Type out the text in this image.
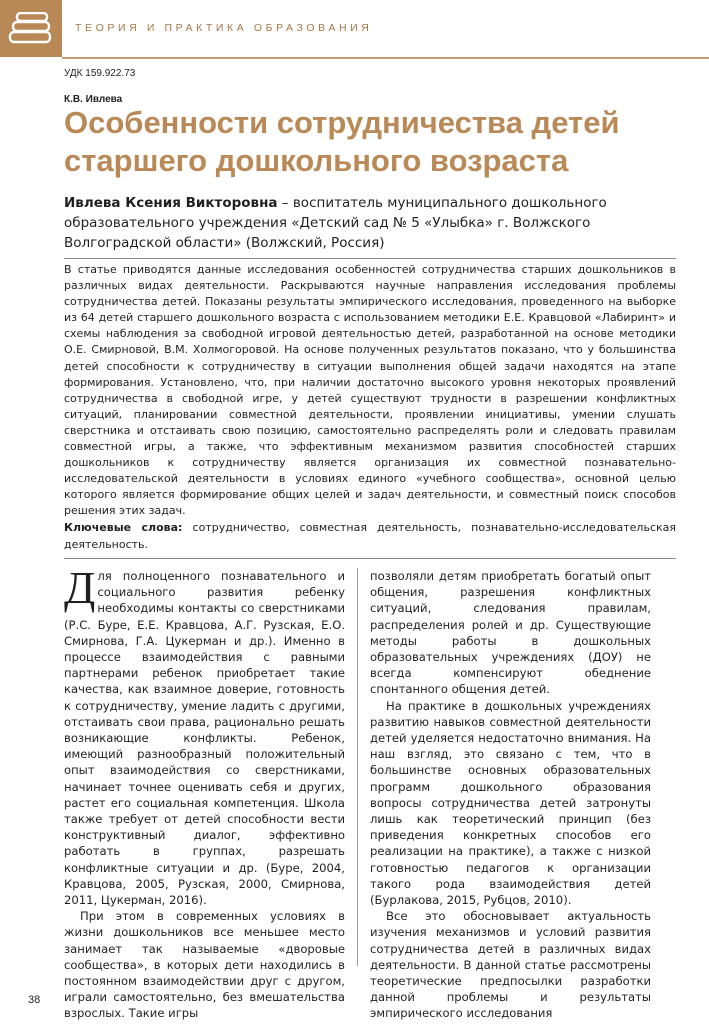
ТЕОРИЯ И ПРАКТИКА ОБРАЗОВАНИЯ
УДК 159.922.73
К.В. Ивлева
Особенности сотрудничества детей старшего дошкольного возраста
Ивлева Ксения Викторовна – воспитатель муниципального дошкольного образовательного учреждения «Детский сад № 5 «Улыбка» г. Волжского Волгоградской области» (Волжский, Россия)
В статье приводятся данные исследования особенностей сотрудничества старших дошкольников в различных видах деятельности. Раскрываются научные направления исследования проблемы сотрудничества детей. Показаны результаты эмпирического исследования, проведенного на выборке из 64 детей старшего дошкольного возраста с использованием методики Е.Е. Кравцовой «Лабиринт» и схемы наблюдения за свободной игровой деятельностью детей, разработанной на основе методики О.Е. Смирновой, В.М. Холмогоровой. На основе полученных результатов показано, что у большинства детей способности к сотрудничеству в ситуации выполнения общей задачи находятся на этапе формирования. Установлено, что, при наличии достаточно высокого уровня некоторых проявлений сотрудничества в свободной игре, у детей существуют трудности в разрешении конфликтных ситуаций, планировании совместной деятельности, проявлении инициативы, умении слушать сверстника и отстаивать свою позицию, самостоятельно распределять роли и следовать правилам совместной игры, а также, что эффективным механизмом развития способностей старших дошкольников к сотрудничеству является организация их совместной познавательно-исследовательской деятельности в условиях единого «учебного сообщества», основной целью которого является формирование общих целей и задач деятельности, и совместный поиск способов решения этих задач.
Ключевые слова: сотрудничество, совместная деятельность, познавательно-исследовательская деятельность.

Для полноценного познавательного и социального развития ребенку необходимы контакты со сверстниками (Р.С. Буре, Е.Е. Кравцова, А.Г. Рузская, Е.О. Смирнова, Г.А. Цукерман и др.). Именно в процессе взаимодействия с равными партнерами ребенок приобретает такие качества, как взаимное доверие, готовность к сотрудничеству, умение ладить с другими, отстаивать свои права, рационально решать возникающие конфликты. Ребенок, имеющий разнообразный положительный опыт взаимодействия со сверстниками, начинает точнее оценивать себя и других, растет его социальная компетенция. Школа также требует от детей способности вести конструктивный диалог, эффективно работать в группах, разрешать конфликтные ситуации и др. (Буре, 2004, Кравцова, 2005, Рузская, 2000, Смирнова, 2011, Цукерман, 2016).

При этом в современных условиях в жизни дошкольников все меньшее место занимает так называемые «дворовые сообщества», в которых дети находились в постоянном взаимодействии друг с другом, играли самостоятельно, без вмешательства взрослых. Такие игры

позволяли детям приобретать богатый опыт общения, разрешения конфликтных ситуаций, следования правилам, распределения ролей и др. Существующие методы работы в дошкольных образовательных учреждениях (ДОУ) не всегда компенсируют обеднение спонтанного общения детей.

На практике в дошкольных учреждениях развитию навыков совместной деятельности детей уделяется недостаточно внимания. На наш взгляд, это связано с тем, что в большинстве основных образовательных программ дошкольного образования вопросы сотрудничества детей затронуты лишь как теоретический принцип (без приведения конкретных способов его реализации на практике), а также с низкой готовностью педагогов к организации такого рода взаимодействия детей (Бурлакова, 2015, Рубцов, 2010).

Все это обосновывает актуальность изучения механизмов и условий развития сотрудничества детей в различных видах деятельности. В данной статье рассмотрены теоретические предпосылки разработки данной проблемы и результаты эмпирического исследования

38
